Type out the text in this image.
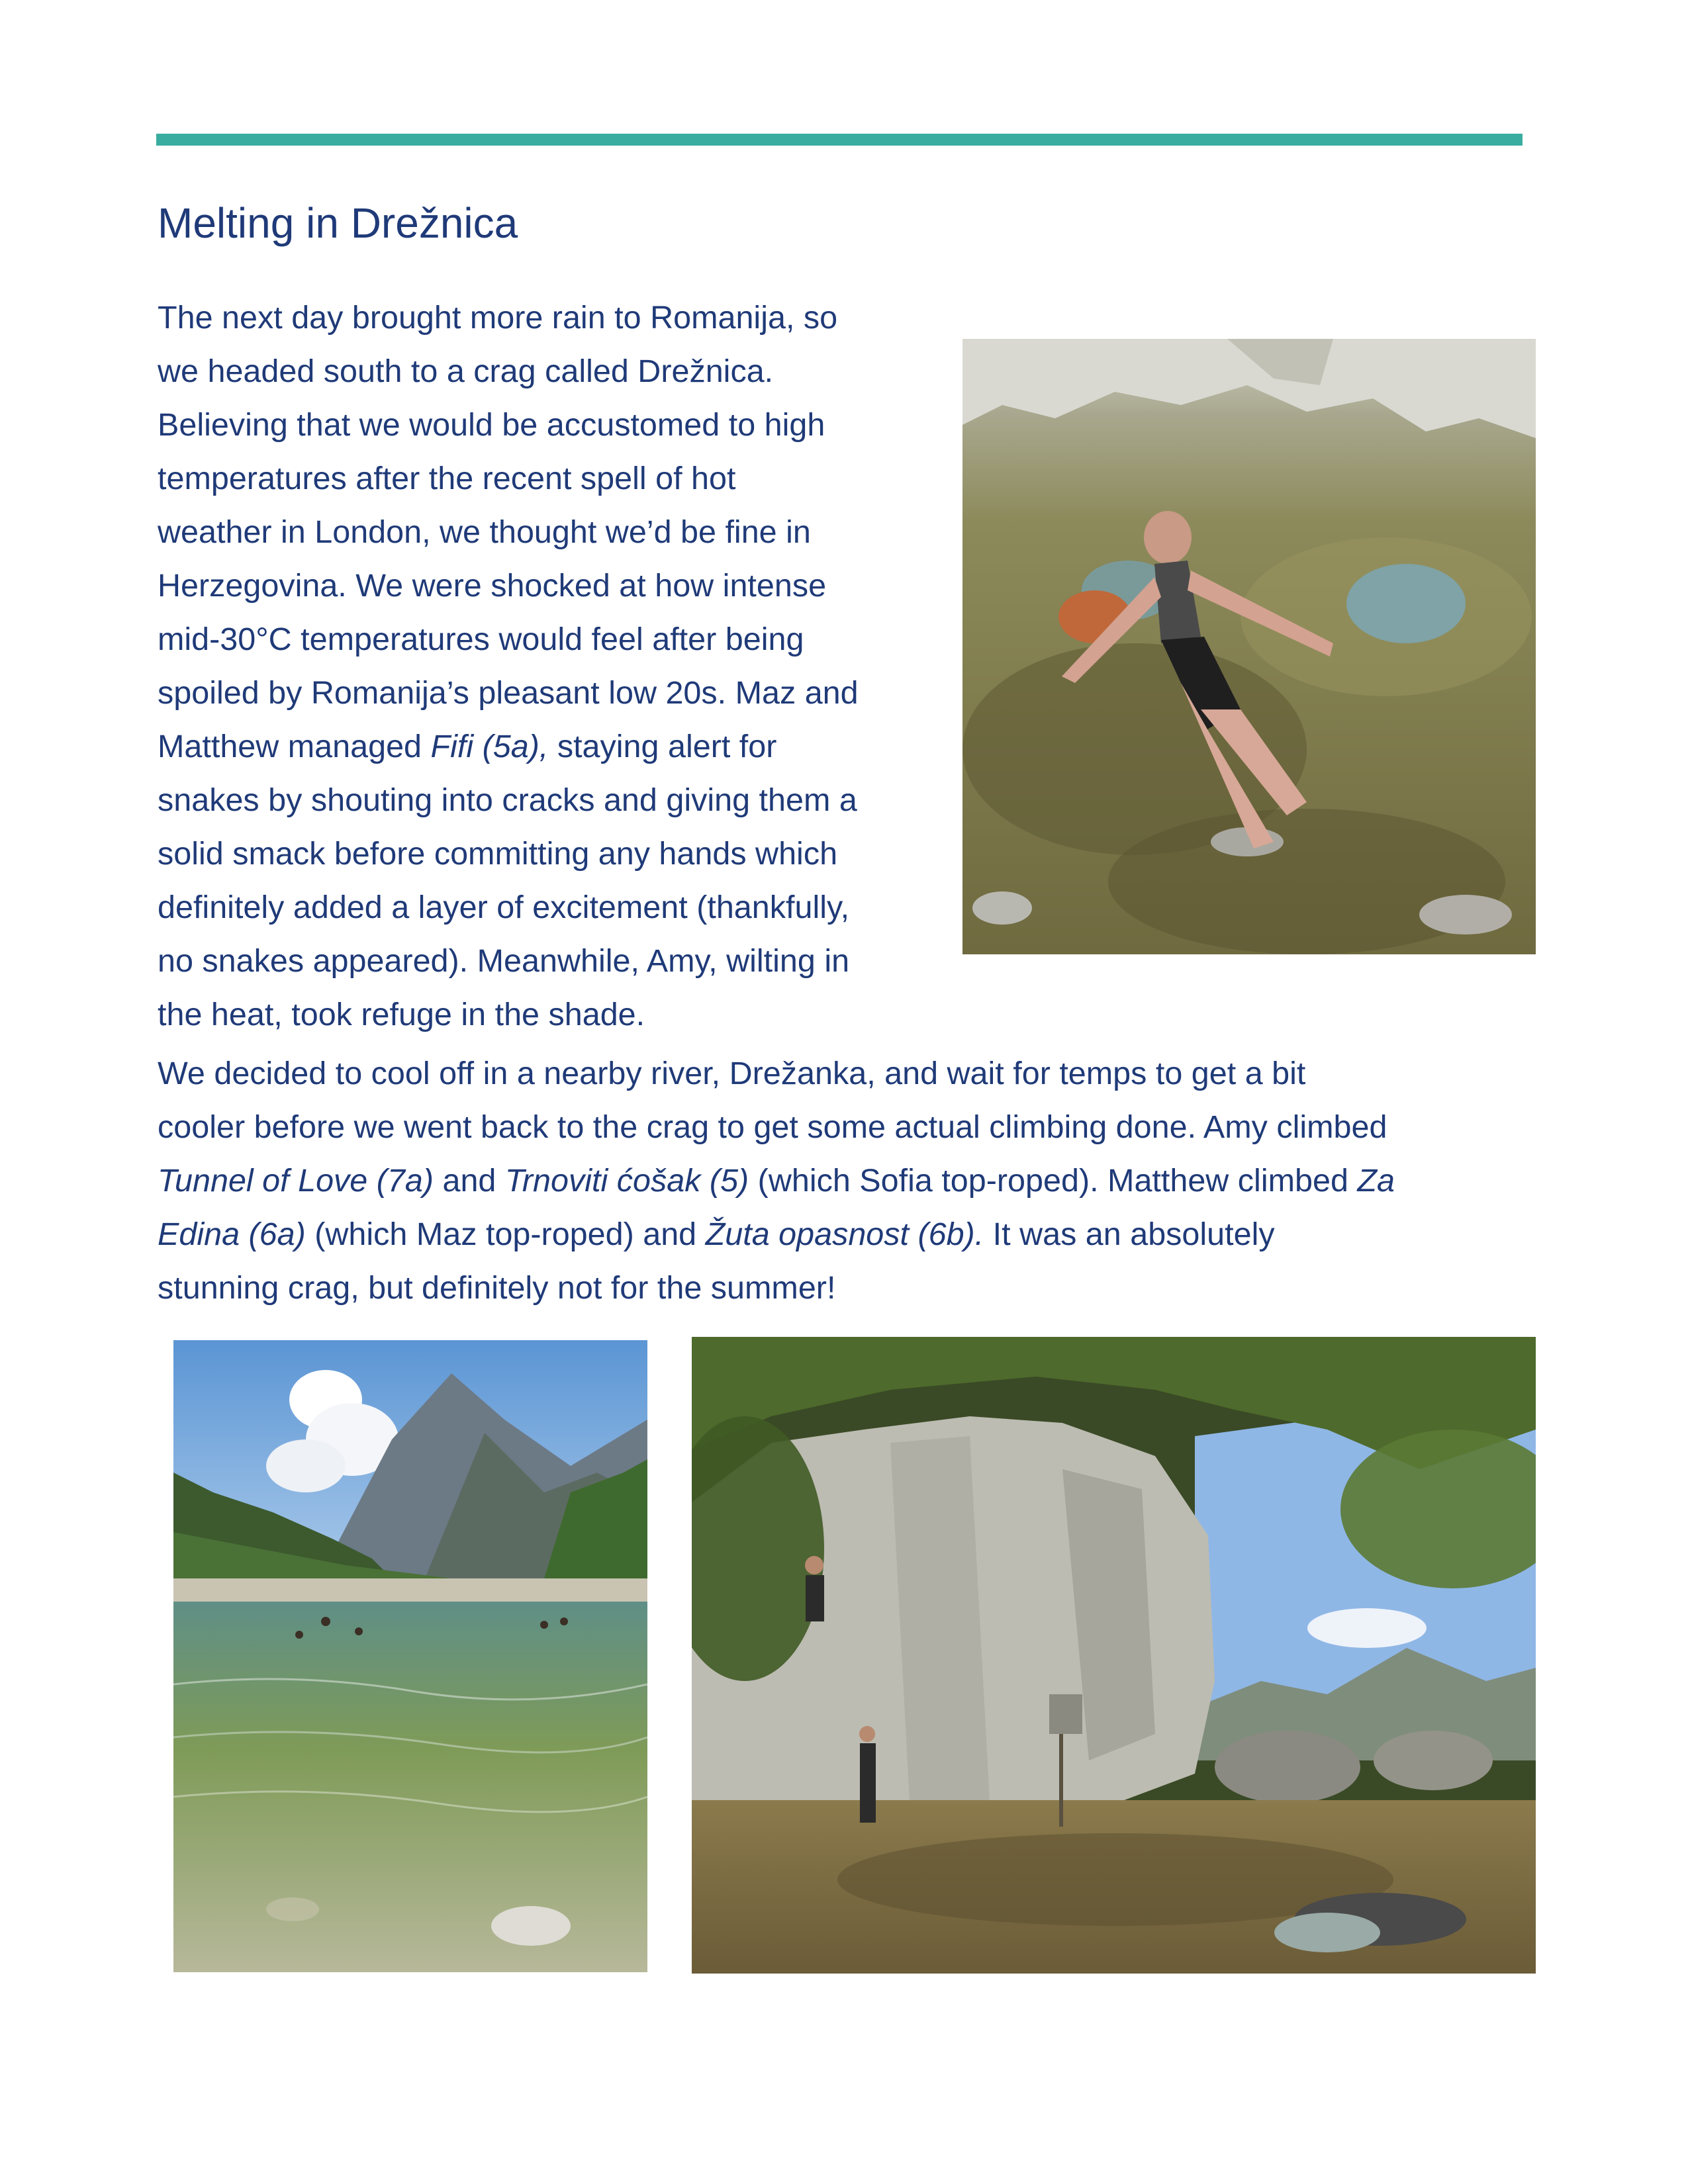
Melting in Drežnica
The next day brought more rain to Romanija, so
we headed south to a crag called Drežnica.
Believing that we would be accustomed to high
temperatures after the recent spell of hot
weather in London, we thought we’d be fine in
Herzegovina. We were shocked at how intense
mid-30°C temperatures would feel after being
spoiled by Romanija’s pleasant low 20s. Maz and
Matthew managed Fifi (5a), staying alert for
snakes by shouting into cracks and giving them a
solid smack before committing any hands which
definitely added a layer of excitement (thankfully,
no snakes appeared). Meanwhile, Amy, wilting in
the heat, took refuge in the shade.
We decided to cool off in a nearby river, Drežanka, and wait for temps to get a bit
cooler before we went back to the crag to get some actual climbing done. Amy climbed
Tunnel of Love (7a) and Trnoviti ćošak (5) (which Sofia top-roped). Matthew climbed Za
Edina (6a) (which Maz top-roped) and Žuta opasnost (6b). It was an absolutely
stunning crag, but definitely not for the summer!
